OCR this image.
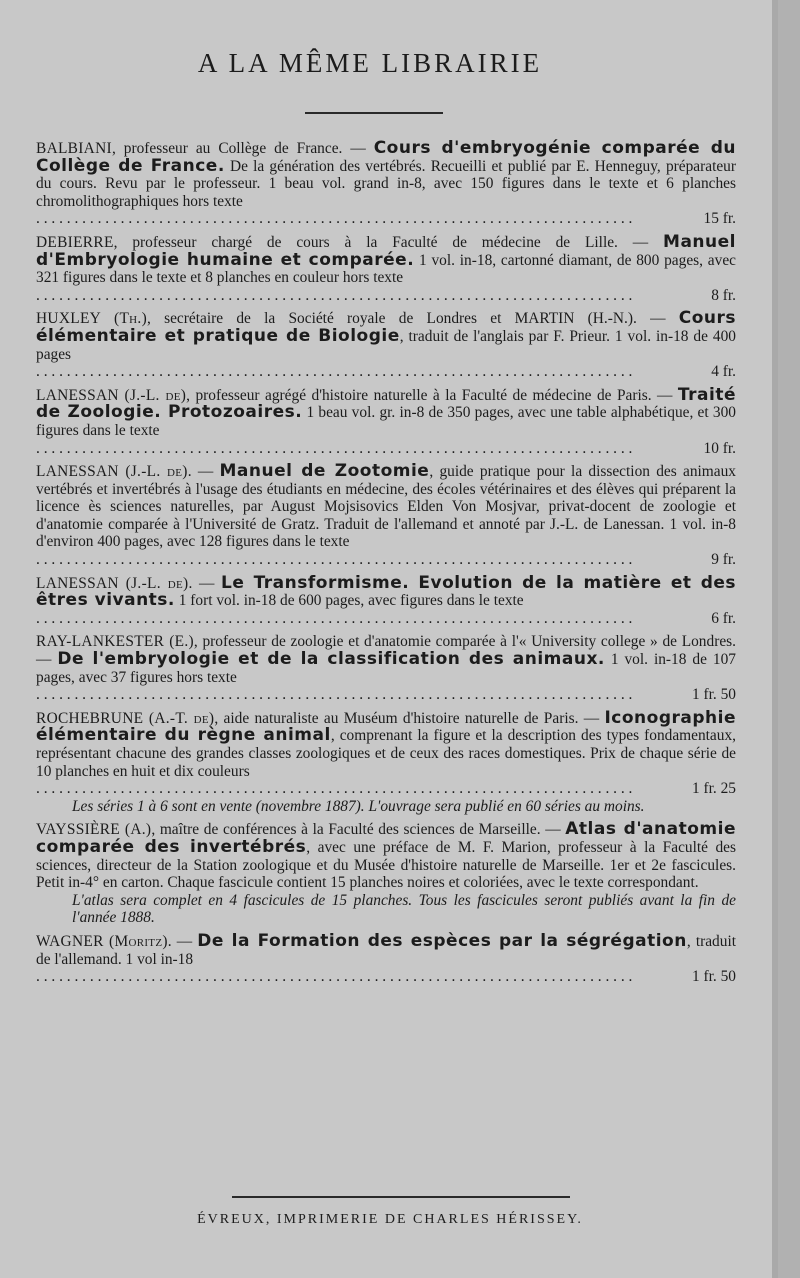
A LA MÊME LIBRAIRIE

BALBIANI, professeur au Collège de France. — Cours d'embryogénie comparée du Collège de France. De la génération des vertébrés. Recueilli et publié par E. Henneguy, préparateur du cours. Revu par le professeur. 1 beau vol. grand in-8, avec 150 figures dans le texte et 6 planches chromolithographiques hors texte

. . .
15 fr.

DEBIERRE, professeur chargé de cours à la Faculté de médecine de Lille. — Manuel d'Embryologie humaine et comparée. 1 vol. in-18, cartonné diamant, de 800 pages, avec 321 figures dans le texte et 8 planches en couleur hors texte

. . .
8 fr.

HUXLEY (Th.), secrétaire de la Société royale de Londres et MARTIN (H.-N.). — Cours élémentaire et pratique de Biologie, traduit de l'anglais par F. Prieur. 1 vol. in-18 de 400 pages

. . .
4 fr.

LANESSAN (J.-L. de), professeur agrégé d'histoire naturelle à la Faculté de médecine de Paris. — Traité de Zoologie. Protozoaires. 1 beau vol. gr. in-8 de 350 pages, avec une table alphabétique, et 300 figures dans le texte

. . .
10 fr.

LANESSAN (J.-L. de). — Manuel de Zootomie, guide pratique pour la dissection des animaux vertébrés et invertébrés à l'usage des étudiants en médecine, des écoles vétérinaires et des élèves qui préparent la licence ès sciences naturelles, par August Mojsisovics Elden Von Mosjvar, privat-docent de zoologie et d'anatomie comparée à l'Université de Gratz. Traduit de l'allemand et annoté par J.-L. de Lanessan. 1 vol. in-8 d'environ 400 pages, avec 128 figures dans le texte

. . .
9 fr.

LANESSAN (J.-L. de). — Le Transformisme. Evolution de la matière et des êtres vivants. 1 fort vol. in-18 de 600 pages, avec figures dans le texte

. . .
6 fr.

RAY-LANKESTER (E.), professeur de zoologie et d'anatomie comparée à l'« University college » de Londres. — De l'embryologie et de la classification des animaux. 1 vol. in-18 de 107 pages, avec 37 figures hors texte

. . .
1 fr. 50

ROCHEBRUNE (A.-T. de), aide naturaliste au Muséum d'histoire naturelle de Paris. — Iconographie élémentaire du règne animal, comprenant la figure et la description des types fondamentaux, représentant chacune des grandes classes zoologiques et de ceux des races domestiques. Prix de chaque série de 10 planches en huit et dix couleurs

. . .
1 fr. 25

Les séries 1 à 6 sont en vente (novembre 1887). L'ouvrage sera publié en 60 séries au moins.

VAYSSIÈRE (A.), maître de conférences à la Faculté des sciences de Marseille. — Atlas d'anatomie comparée des invertébrés, avec une préface de M. F. Marion, professeur à la Faculté des sciences, directeur de la Station zoologique et du Musée d'histoire naturelle de Marseille. 1er et 2e fascicules. Petit in-4° en carton. Chaque fascicule contient 15 planches noires et coloriées, avec le texte correspondant.

L'atlas sera complet en 4 fascicules de 15 planches. Tous les fascicules seront publiés avant la fin de l'année 1888.

WAGNER (Moritz). — De la Formation des espèces par la ségrégation, traduit de l'allemand. 1 vol in-18

. . .
1 fr. 50
ÉVREUX, IMPRIMERIE DE CHARLES HÉRISSEY.
